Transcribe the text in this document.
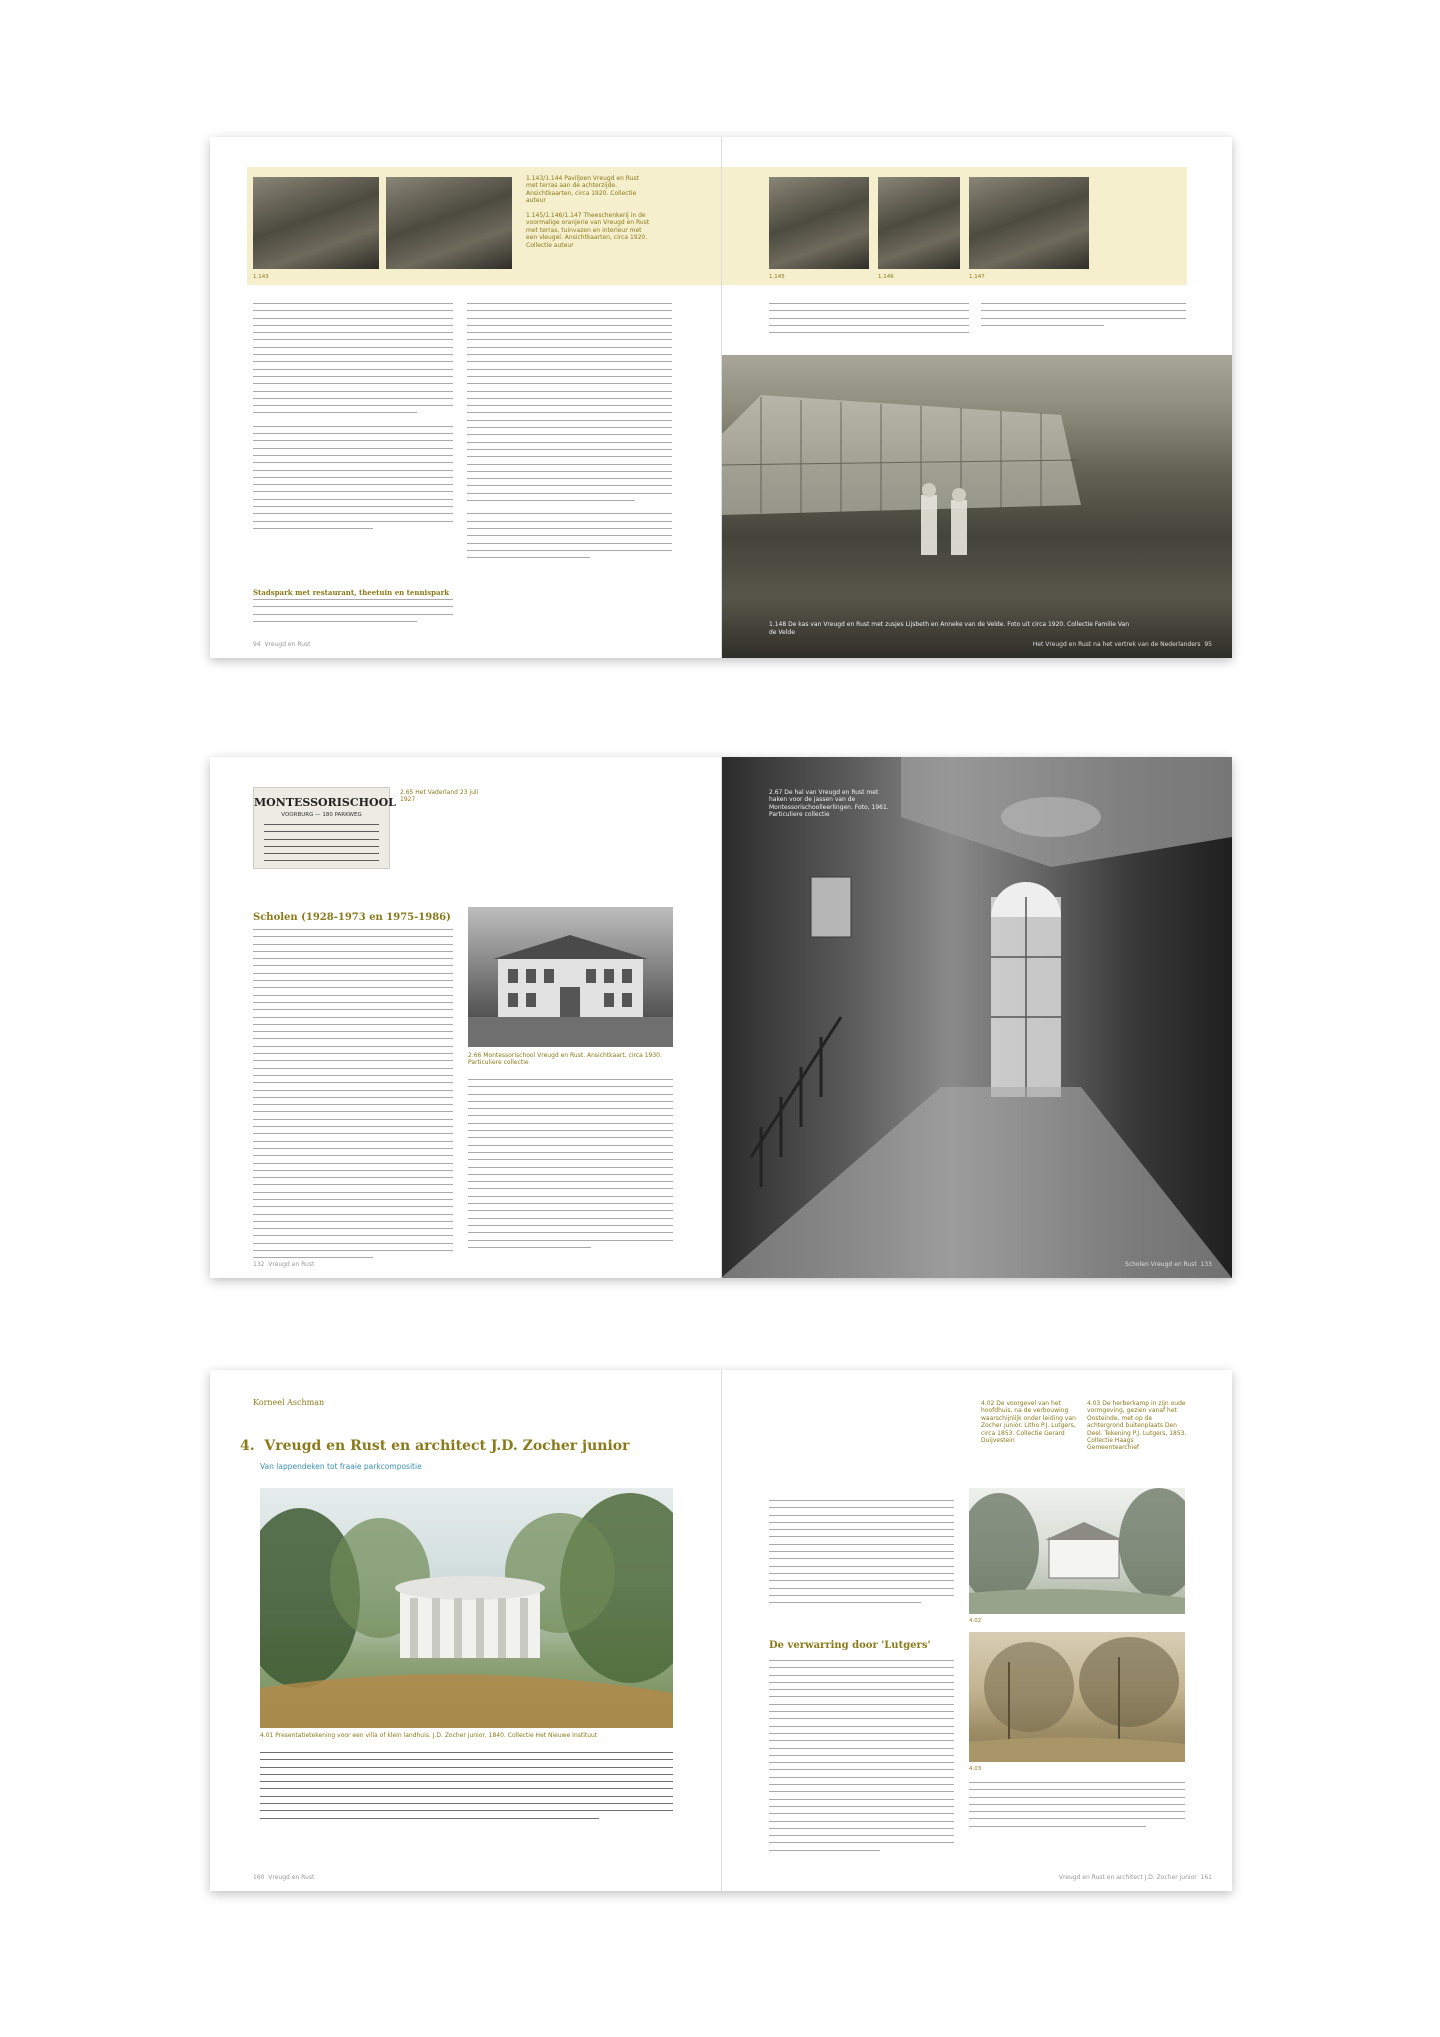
1.143
1.143/1.144 Paviljoen Vreugd en Rust met terras aan de achterzijde. Ansichtkaarten, circa 1920. Collectie auteur
1.145/1.146/1.147 Theeschenkerij in de voormalige oranjerie van Vreugd en Rust met terras, tuinvazen en interieur met een vleugel. Ansichtkaarten, circa 1920. Collectie auteur
Stadspark met restaurant, theetuin en tennispark
94 Vreugd en Rust
1.145	1.146	1.147
1.148 De kas van Vreugd en Rust met zusjes Lijsbeth en Anneke van de Velde. Foto uit circa 1920. Collectie Familie Van de Velde
Het Vreugd en Rust na het vertrek van de Nederlanders 95
MONTESSORISCHOOL
VOORBURG — 180 PARKWEG
2.65 Het Vaderland 23 juli 1927
Scholen (1928-1973 en 1975-1986)
2.66 Montessorischool Vreugd en Rust. Ansichtkaart, circa 1930. Particuliere collectie
132 Vreugd en Rust
2.67 De hal van Vreugd en Rust met haken voor de jassen van de Montessorischoolleerlingen. Foto, 1961. Particuliere collectie
Scholen Vreugd en Rust 133
Korneel Aschman
4. Vreugd en Rust en architect J.D. Zocher junior
Van lappendeken tot fraaie parkcompositie
4.01 Presentatietekening voor een villa of klein landhuis. J.D. Zocher junior, 1840. Collectie Het Nieuwe Instituut
160 Vreugd en Rust
4.02 De voorgevel van het hoofdhuis, na de verbouwing waarschijnlijk onder leiding van Zocher junior. Litho P.J. Lutgers, circa 1853. Collectie Gerard Duijvestein
4.03 De herberkamp in zijn oude vormgeving, gezien vanaf het Oosteinde, met op de achtergrond buitenplaats Den Deel. Tekening P.J. Lutgers, 1853. Collectie Haags Gemeentearchief
De verwarring door 'Lutgers'
4.02
4.03
Vreugd en Rust en architect J.D. Zocher junior 161
